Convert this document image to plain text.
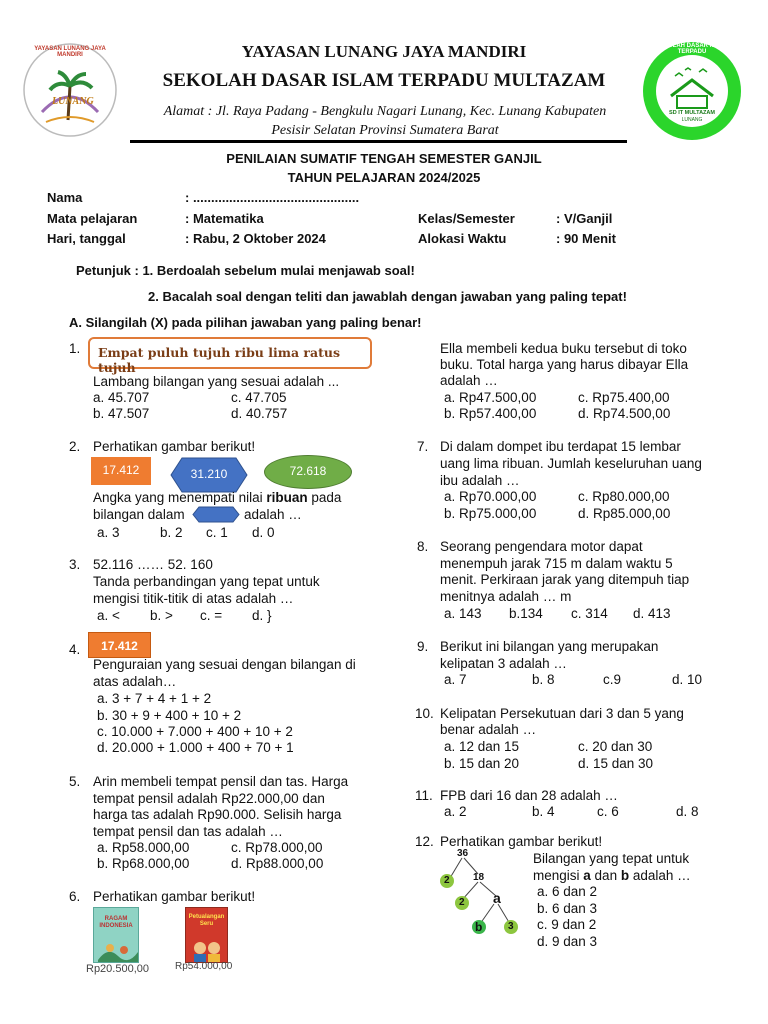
YAYASAN LUNANG JAYA MANDIRI
LUNANG
SEKOLAH DASAR ISLAM TERPADU
SD IT MULTAZAM
LUNANG
YAYASAN LUNANG JAYA MANDIRI
SEKOLAH DASAR ISLAM TERPADU MULTAZAM
Alamat : Jl. Raya Padang - Bengkulu Nagari Lunang, Kec. Lunang Kabupaten
Pesisir Selatan Provinsi Sumatera Barat
PENILAIAN SUMATIF TENGAH SEMESTER GANJIL
TAHUN PELAJARAN 2024/2025
Nama	: ..............................................
Mata pelajaran	: Matematika
Hari, tanggal	: Rabu, 2 Oktober 2024
Kelas/Semester	: V/Ganjil
Alokasi Waktu	: 90 Menit
Petunjuk : 1. Berdoalah sebelum mulai menjawab soal!
2. Bacalah soal dengan teliti dan jawablah dengan jawaban yang paling tepat!
A. Silangilah (X) pada pilihan jawaban yang paling benar!
1.	Empat puluh tujuh ribu lima ratus tujuh
Lambang bilangan yang sesuai adalah ...
a. 45.707	c. 47.705
b. 47.507	d. 40.757
2. Perhatikan gambar berikut!
17.412	31.210	72.618
Angka yang menempati nilai ribuan pada
bilangan dalam	adalah …
a. 3	b. 2 c. 1 d. 0
3. 52.116 …… 52. 160
Tanda perbandingan yang tepat untuk
mengisi titik-titik di atas adalah …
a. < b. > c. = d. }
4.	17.412
Penguraian yang sesuai dengan bilangan di
atas adalah…
a. 3 + 7 + 4 + 1 + 2
b. 30 + 9 + 400 + 10 + 2
c. 10.000 + 7.000 + 400 + 10 + 2
d. 20.000 + 1.000 + 400 + 70 + 1
5. Arin membeli tempat pensil dan tas. Harga
tempat pensil adalah Rp22.000,00 dan
harga tas adalah Rp90.000. Selisih harga
tempat pensil dan tas adalah …
a. Rp58.000,00	c. Rp78.000,00
b. Rp68.000,00	d. Rp88.000,00
6. Perhatikan gambar berikut!
RAGAM INDONESIA
Petualangan Seru
Rp20.500,00	Rp54.000,00
Ella membeli kedua buku tersebut di toko
buku. Total harga yang harus dibayar Ella
adalah …
a. Rp47.500,00	c. Rp75.400,00
b. Rp57.400,00	d. Rp74.500,00
7. Di dalam dompet ibu terdapat 15 lembar
uang lima ribuan. Jumlah keseluruhan uang
ibu adalah …
a. Rp70.000,00	c. Rp80.000,00
b. Rp75.000,00	d. Rp85.000,00
8. Seorang pengendara motor dapat
menempuh jarak 715 m dalam waktu 5
menit. Perkiraan jarak yang ditempuh tiap
menitnya adalah … m
a. 143 b.134 c. 314 d. 413
9. Berikut ini bilangan yang merupakan
kelipatan 3 adalah …
a. 7	b. 8	c.9	d. 10
10. Kelipatan Persekutuan dari 3 dan 5 yang
benar adalah …
a. 12 dan 15	c. 20 dan 30
b. 15 dan 20	d. 15 dan 30
11. FPB dari 16 dan 28 adalah …
a. 2	b. 4	c. 6	d. 8
12. Perhatikan gambar berikut!
36
18
2
2 a
b	3
Bilangan yang tepat untuk
mengisi a dan b adalah …
a. 6 dan 2
b. 6 dan 3
c. 9 dan 2
d. 9 dan 3
